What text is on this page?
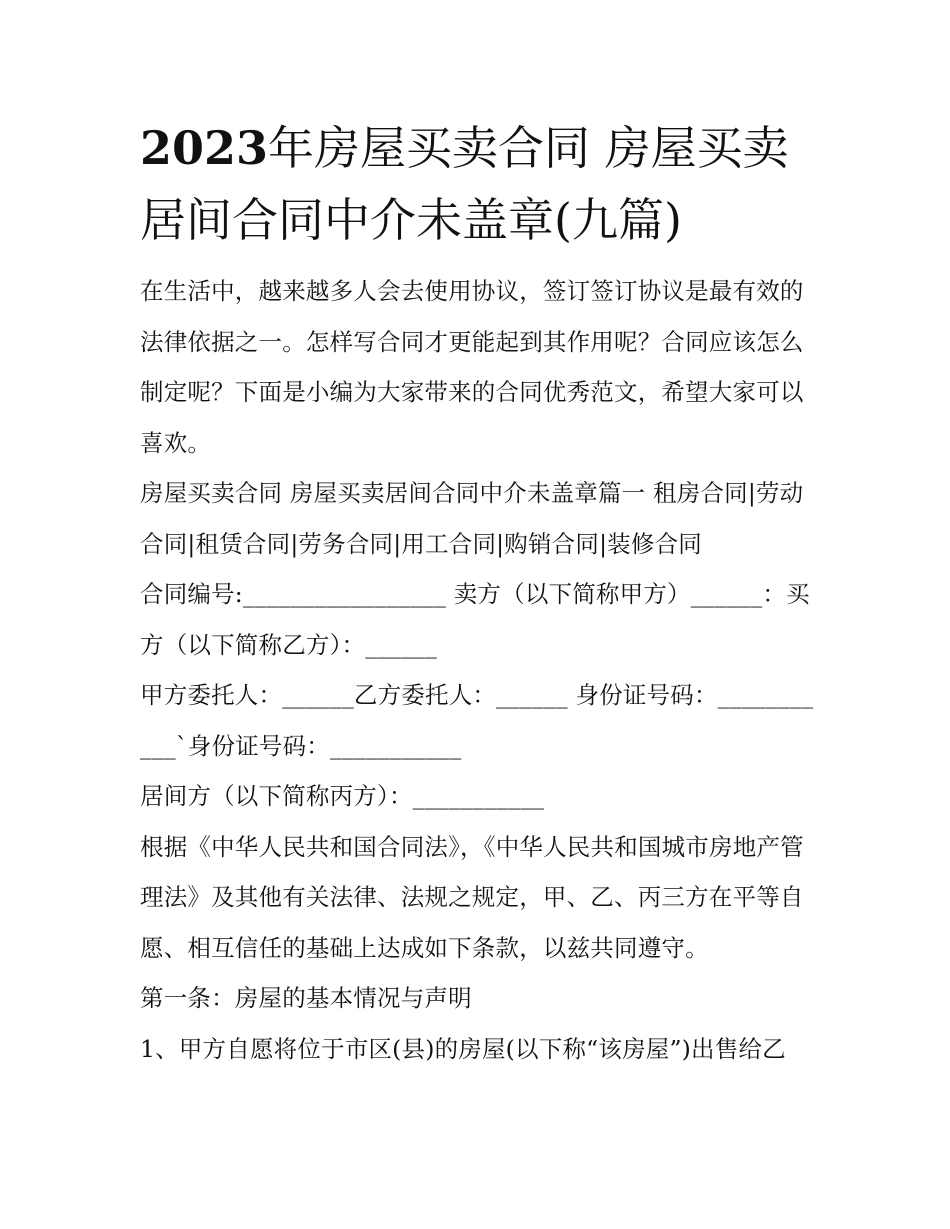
2023年房屋买卖合同 房屋买卖居间合同中介未盖章(九篇)

在生活中，越来越多人会去使用协议，签订签订协议是最有效的法律依据之一。怎样写合同才更能起到其作用呢？合同应该怎么制定呢？下面是小编为大家带来的合同优秀范文，希望大家可以喜欢。

房屋买卖合同 房屋买卖居间合同中介未盖章篇一 租房合同|劳动合同|租赁合同|劳务合同|用工合同|购销合同|装修合同

合同编号:_________________ 卖方（以下简称甲方）______：买方（以下简称乙方）：______

甲方委托人：______乙方委托人：______ 身份证号码：___________`身份证号码：___________

居间方（以下简称丙方）：___________

根据《中华人民共和国合同法》，《中华人民共和国城市房地产管理法》及其他有关法律、法规之规定，甲、乙、丙三方在平等自愿、相互信任的基础上达成如下条款，以兹共同遵守。

第一条：房屋的基本情况与声明

1、甲方自愿将位于市区(县)的房屋(以下称“该房屋”)出售给乙
